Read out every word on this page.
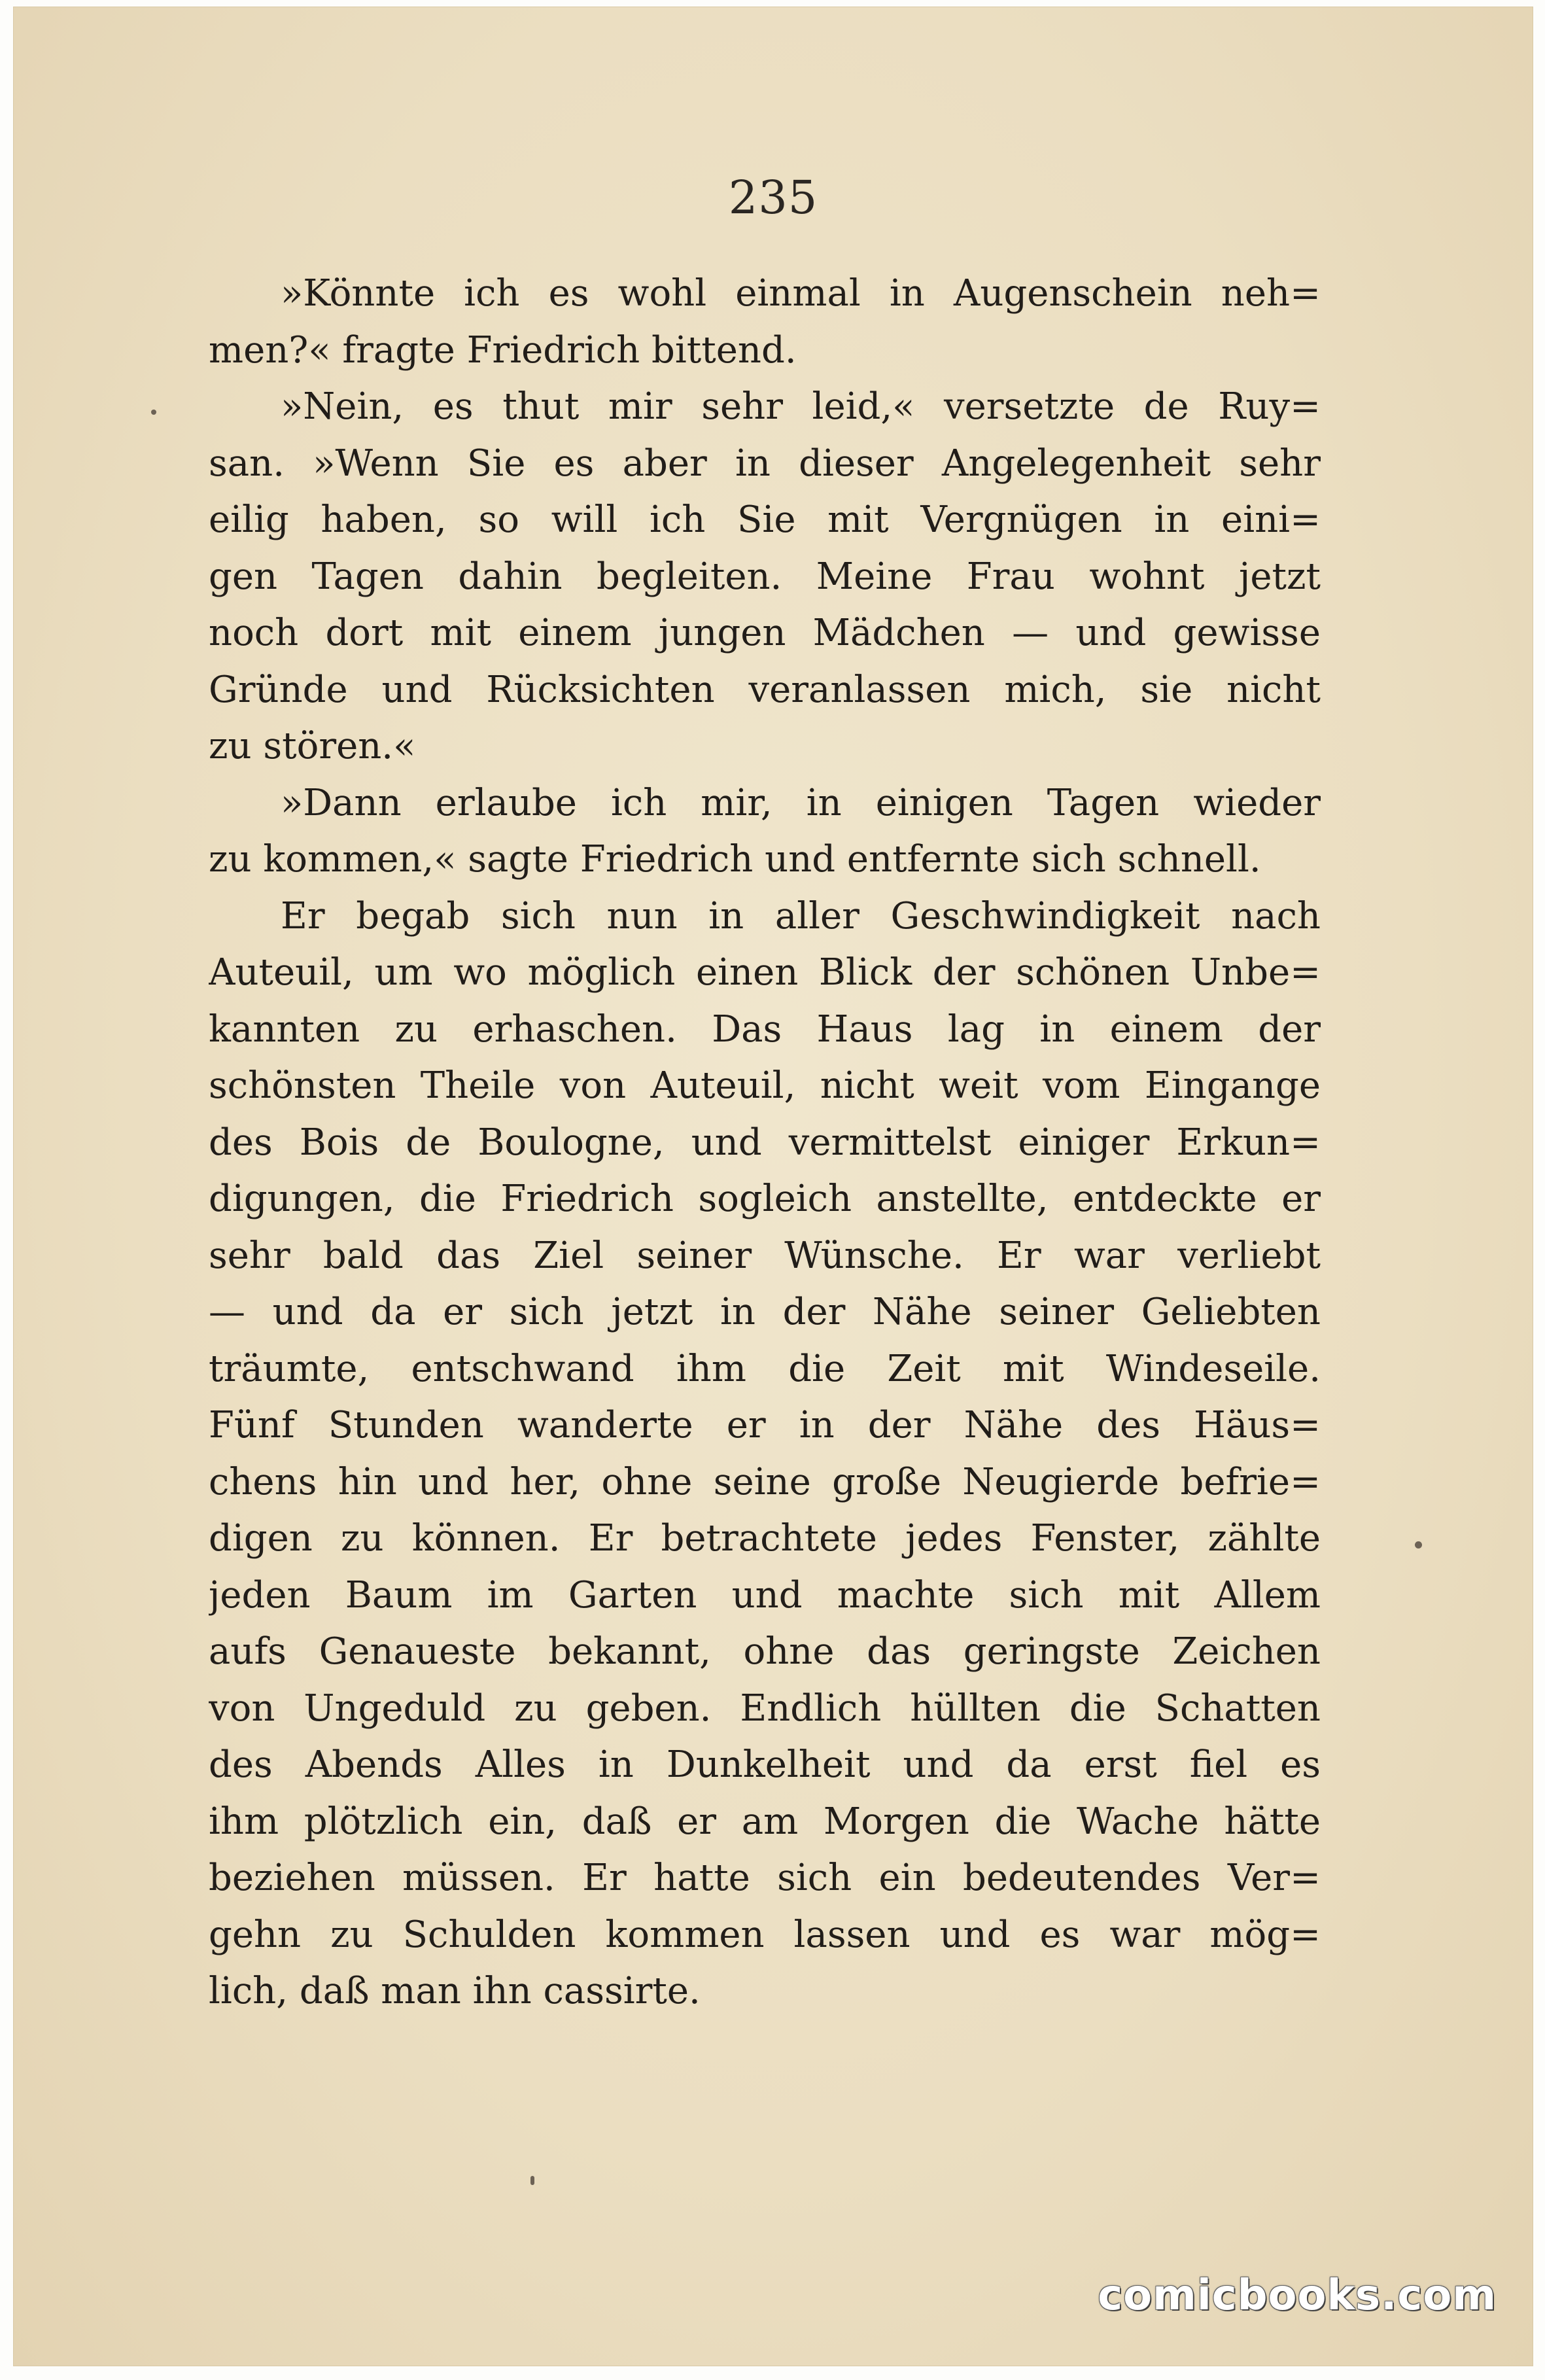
235
»Könnte ich es wohl einmal in Augenschein neh=
men?« fragte Friedrich bittend.
»Nein, es thut mir sehr leid,« versetzte de Ruy=
san. »Wenn Sie es aber in dieser Angelegenheit sehr
eilig haben, so will ich Sie mit Vergnügen in eini=
gen Tagen dahin begleiten. Meine Frau wohnt jetzt
noch dort mit einem jungen Mädchen — und gewisse
Gründe und Rücksichten veranlassen mich, sie nicht
zu stören.«
»Dann erlaube ich mir, in einigen Tagen wieder
zu kommen,« sagte Friedrich und entfernte sich schnell.
Er begab sich nun in aller Geschwindigkeit nach
Auteuil, um wo möglich einen Blick der schönen Unbe=
kannten zu erhaschen. Das Haus lag in einem der
schönsten Theile von Auteuil, nicht weit vom Eingange
des Bois de Boulogne, und vermittelst einiger Erkun=
digungen, die Friedrich sogleich anstellte, entdeckte er
sehr bald das Ziel seiner Wünsche. Er war verliebt
— und da er sich jetzt in der Nähe seiner Geliebten
träumte, entschwand ihm die Zeit mit Windeseile.
Fünf Stunden wanderte er in der Nähe des Häus=
chens hin und her, ohne seine große Neugierde befrie=
digen zu können. Er betrachtete jedes Fenster, zählte
jeden Baum im Garten und machte sich mit Allem
aufs Genaueste bekannt, ohne das geringste Zeichen
von Ungeduld zu geben. Endlich hüllten die Schatten
des Abends Alles in Dunkelheit und da erst fiel es
ihm plötzlich ein, daß er am Morgen die Wache hätte
beziehen müssen. Er hatte sich ein bedeutendes Ver=
gehn zu Schulden kommen lassen und es war mög=
lich, daß man ihn cassirte.
comicbooks.com
